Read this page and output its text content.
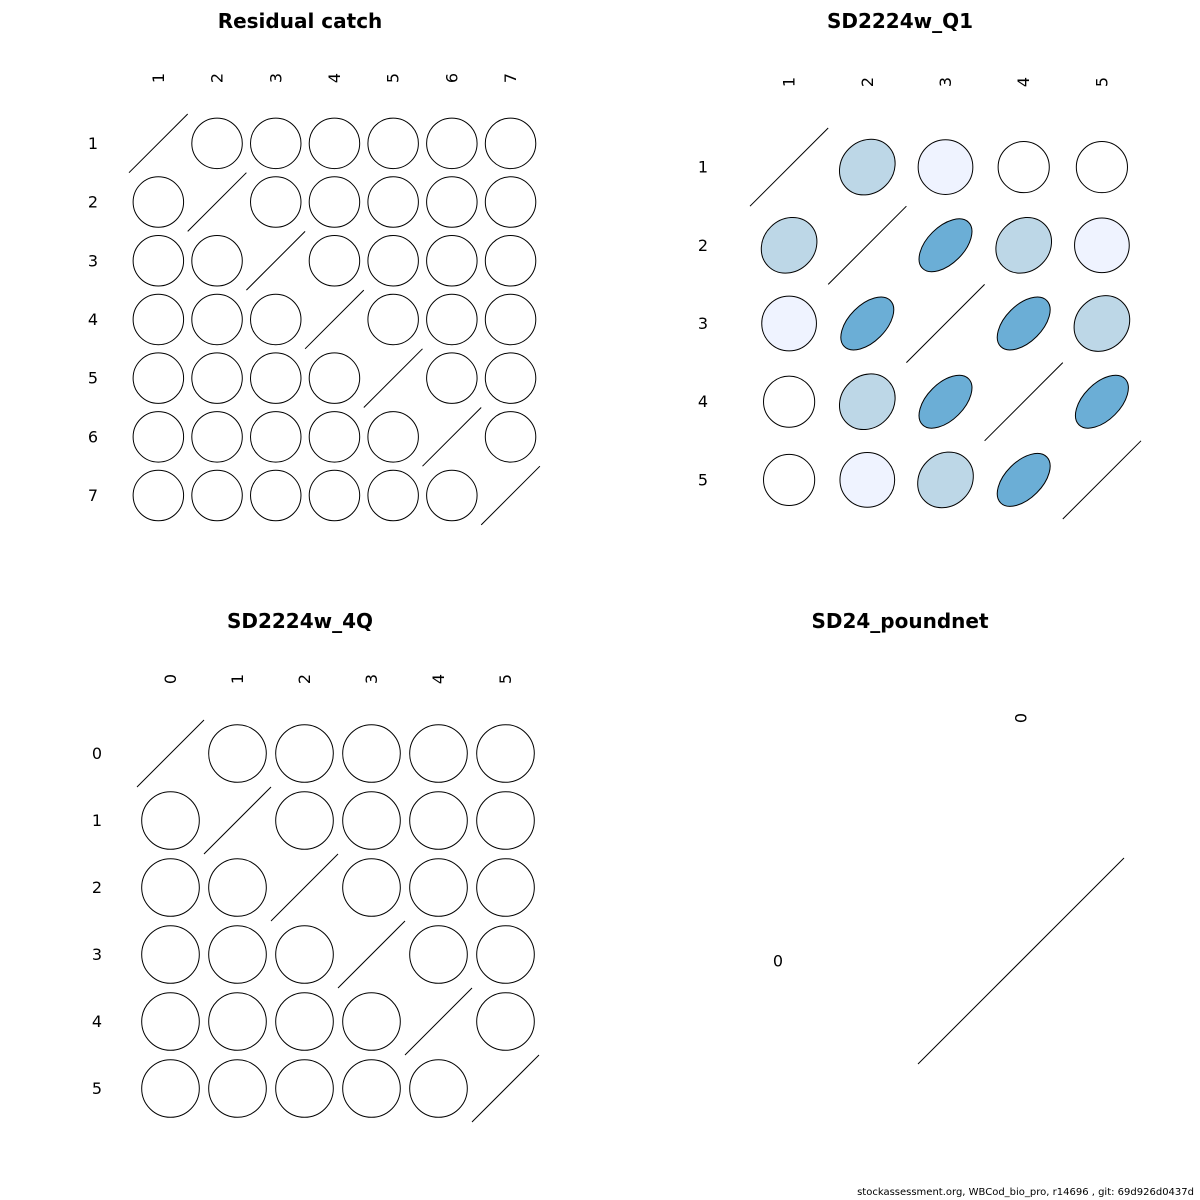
Residual catch
1
1
2
2
3
3
4
4
5
5
6
6
7
7
SD2224w_Q1
1
1
2
2
3
3
4
4
5
5
SD2224w_4Q
0
0
1
1
2
2
3
3
4
4
5
5
SD24_poundnet
0
0
stockassessment.org, WBCod_bio_pro, r14696 , git: 69d926d0437d
